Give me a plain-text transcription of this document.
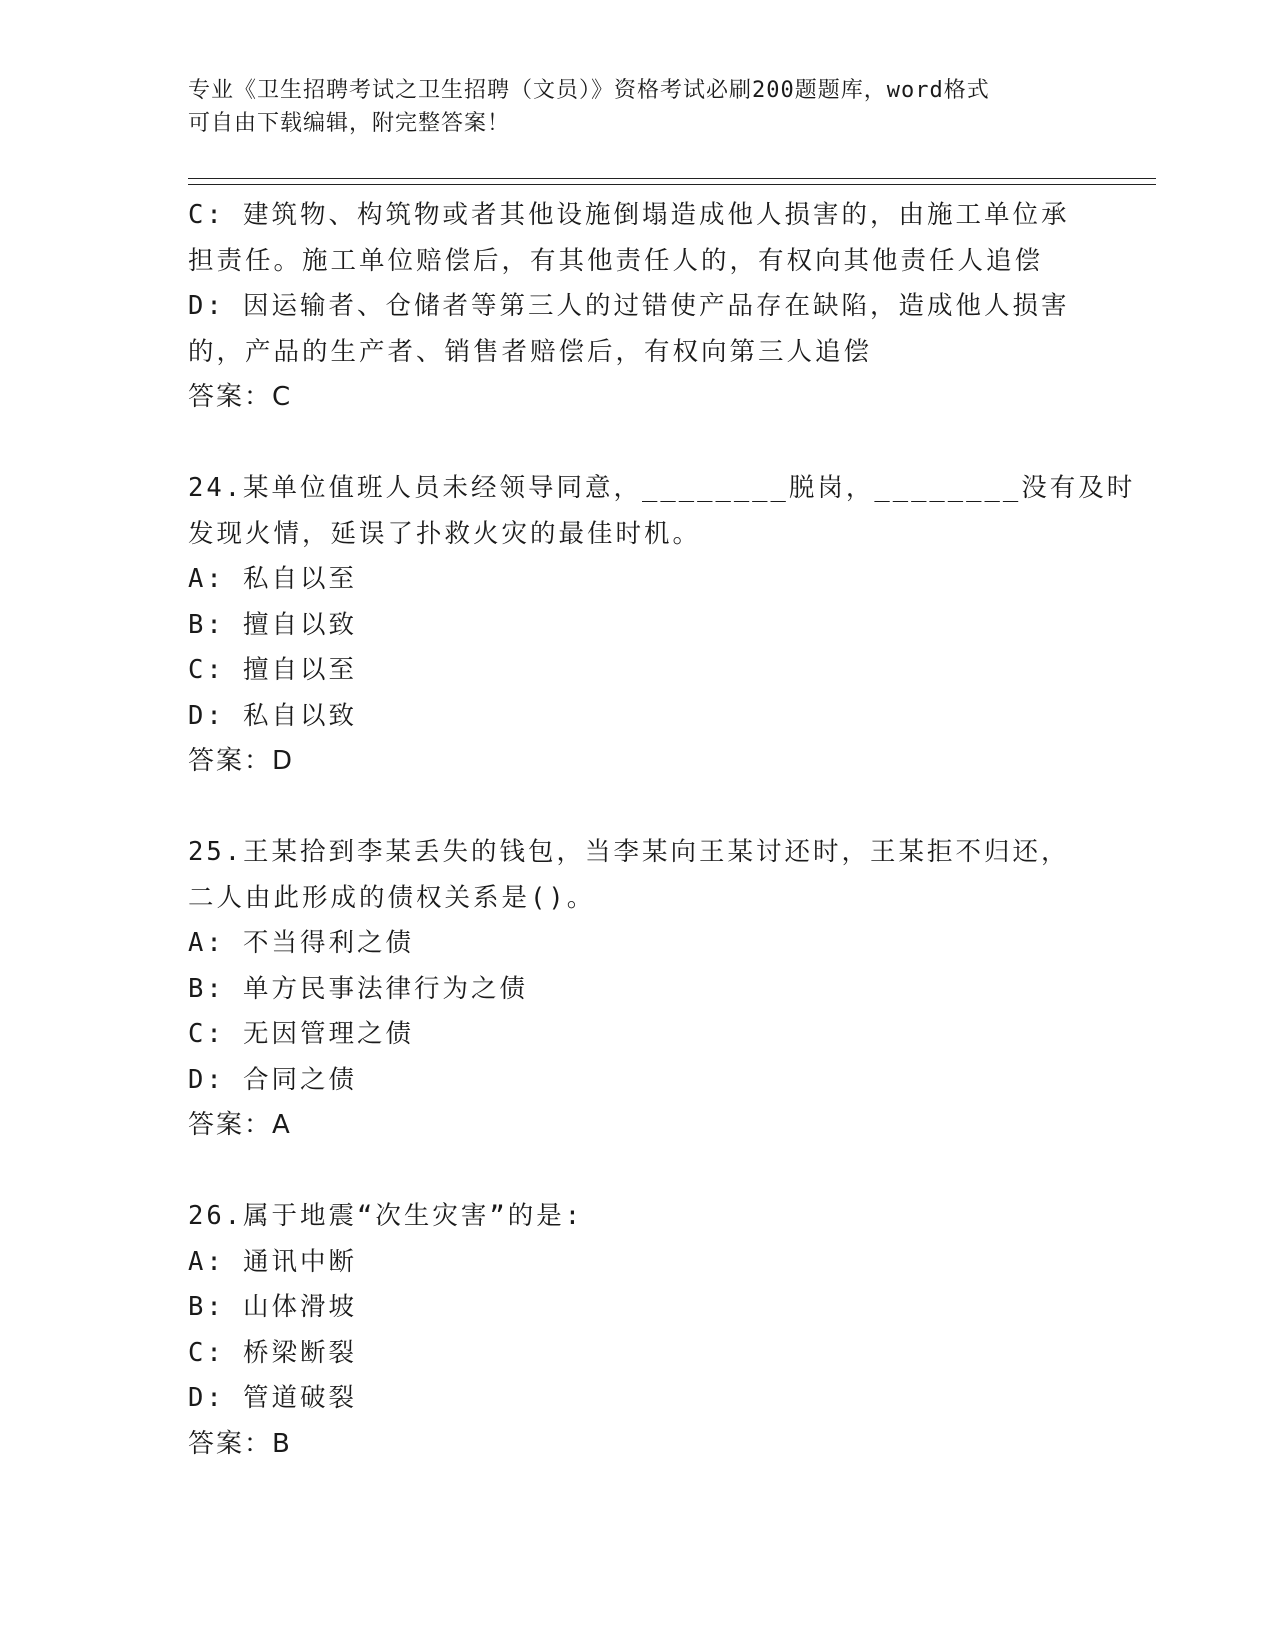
专业《卫生招聘考试之卫生招聘（文员）》资格考试必刷200题题库，word格式
可自由下载编辑，附完整答案！
C: 建筑物、构筑物或者其他设施倒塌造成他人损害的，由施工单位承
担责任。施工单位赔偿后，有其他责任人的，有权向其他责任人追偿
D: 因运输者、仓储者等第三人的过错使产品存在缺陷，造成他人损害
的，产品的生产者、销售者赔偿后，有权向第三人追偿
答案：C
24.某单位值班人员未经领导同意，________脱岗，________没有及时
发现火情，延误了扑救火灾的最佳时机。
A: 私自以至
B: 擅自以致
C: 擅自以至
D: 私自以致
答案：D
25.王某拾到李某丢失的钱包，当李某向王某讨还时，王某拒不归还，
二人由此形成的债权关系是()。
A: 不当得利之债
B: 单方民事法律行为之债
C: 无因管理之债
D: 合同之债
答案：A
26.属于地震“次生灾害”的是:
A: 通讯中断
B: 山体滑坡
C: 桥梁断裂
D: 管道破裂
答案：B
